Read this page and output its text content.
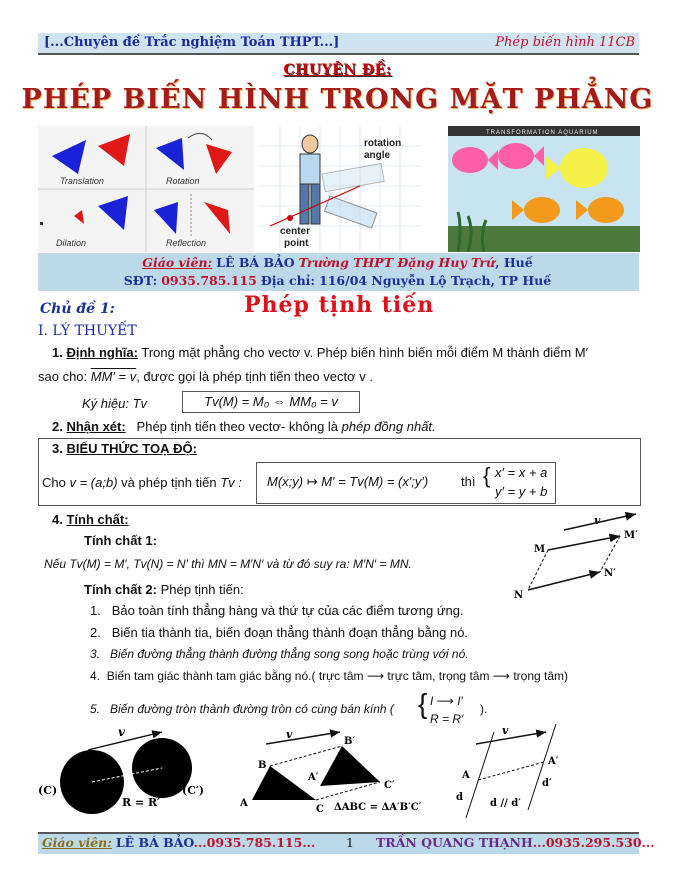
[...Chuyên đề Trắc nghiệm Toán THPT...]	Phép biến hình 11CB
CHUYÊN ĐỀ:
PHÉP BIẾN HÌNH TRONG MẶT PHẲNG
Translation	Rotation
Dilation	Reflection
rotation
angle
center
point
TRANSFORMATION AQUARIUM
Giáo viên: LÊ BÁ BẢO Trường THPT Đặng Huy Trứ, Huế
SĐT: 0935.785.115 Địa chỉ: 116/04 Nguyễn Lộ Trạch, TP Huế
Chủ đề 1:	Phép tịnh tiến
I. LÝ THUYẾT
1. Định nghĩa: Trong mặt phẳng cho vectơ v. Phép biến hình biến mỗi điểm M thành điểm M′
sao cho: MM′ = v, được gọi là phép tịnh tiến theo vectơ v .
Ký hiệu: Tv	Tv(M) = M₀ ⇔ MM₀ = v
2. Nhận xét: Phép tịnh tiến theo vectơ- không là phép đồng nhất.
3. BIỂU THỨC TOẠ ĐỘ:
Cho v = (a;b) và phép tịnh tiến Tv : M(x;y) ↦ M′ = Tv(M) = (x′;y′)	thì { x′ = x + a
y′ = y + b
4. Tính chất:
Tính chất 1:
Nếu Tv(M) = M′, Tv(N) = N′ thì MN = M′N′ và từ đó suy ra: M′N′ = MN.
Tính chất 2: Phép tịnh tiến:
1.   Bảo toàn tính thẳng hàng và thứ tự của các điểm tương ứng.
2.   Biến tia thành tia, biến đoạn thẳng thành đoạn thẳng bằng nó.
3.   Biến đường thẳng thành đường thẳng song song hoặc trùng với nó.
4.  Biến tam giác thành tam giác bằng nó.( trực tâm ⟶ trực tâm, trọng tâm ⟶ trọng tâm)
5.   Biến đường tròn thành đường tròn có cùng bán kính ( { I ⟶ I′
R = R′
).
v
M
M′
N
N′
v
(C)	(C′)
R = R′
v
A
B
C
A′
B′
C′
ΔABC = ΔA′B′C′
v
A
A′
d
d′
d // d′
Giáo viên: LÊ BÁ BẢO...0935.785.115... 1 TRẦN QUANG THẠNH...0935.295.530...
